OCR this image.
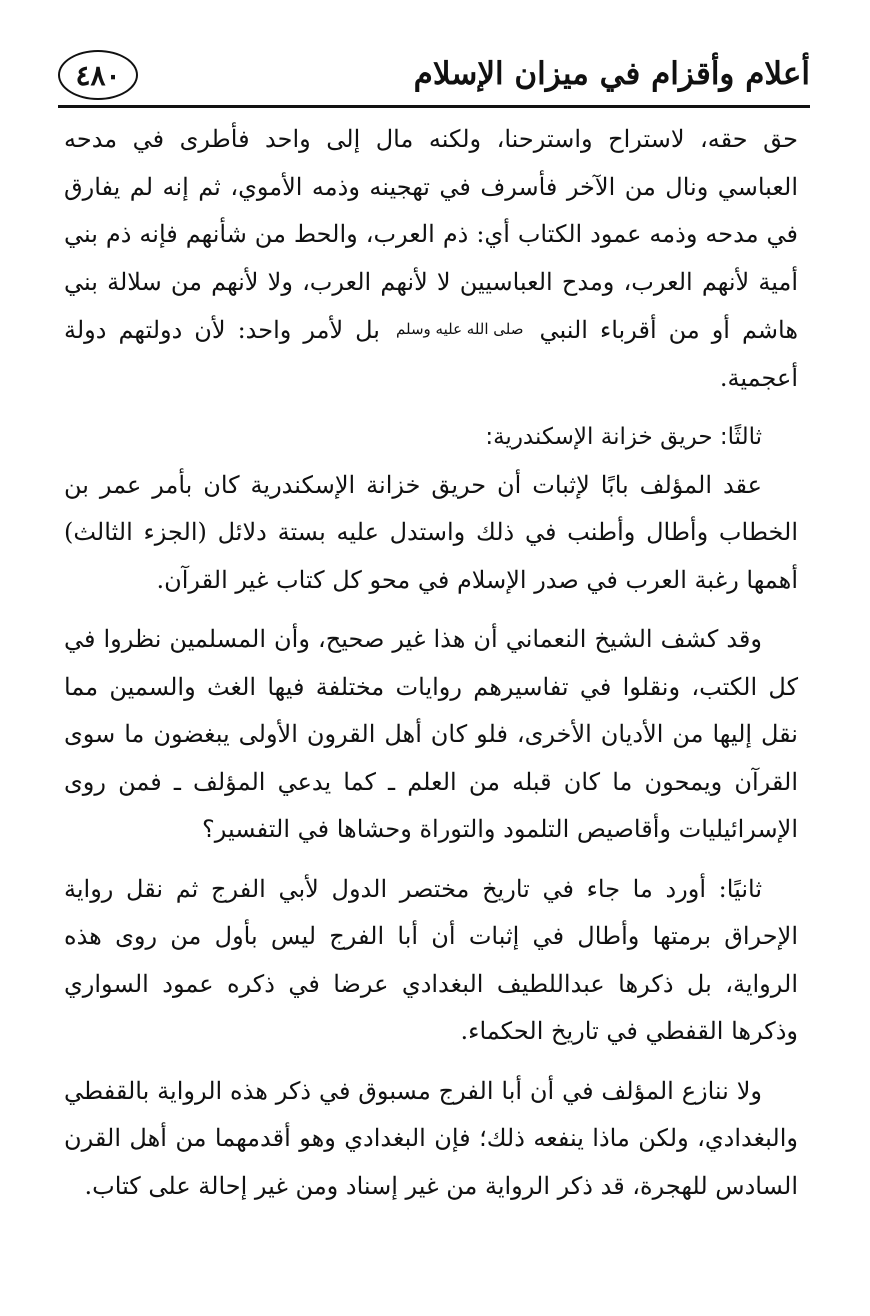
أعلام وأقزام في ميزان الإسلام
٤٨٠

حق حقه، لاستراح واسترحنا، ولكنه مال إلى واحد فأطرى في مدحه العباسي ونال من الآخر فأسرف في تهجينه وذمه الأموي، ثم إنه لم يفارق في مدحه وذمه عمود الكتاب أي: ذم العرب، والحط من شأنهم فإنه ذم بني أمية لأنهم العرب، ومدح العباسيين لا لأنهم العرب، ولا لأنهم من سلالة بني هاشم أو من أقرباء النبي صلى الله عليه وسلم بل لأمر واحد: لأن دولتهم دولة أعجمية.

ثالثًا: حريق خزانة الإسكندرية:

عقد المؤلف بابًا لإثبات أن حريق خزانة الإسكندرية كان بأمر عمر بن الخطاب وأطال وأطنب في ذلك واستدل عليه بستة دلائل (الجزء الثالث) أهمها رغبة العرب في صدر الإسلام في محو كل كتاب غير القرآن.

وقد كشف الشيخ النعماني أن هذا غير صحيح، وأن المسلمين نظروا في كل الكتب، ونقلوا في تفاسيرهم روايات مختلفة فيها الغث والسمين مما نقل إليها من الأديان الأخرى، فلو كان أهل القرون الأولى يبغضون ما سوى القرآن ويمحون ما كان قبله من العلم ـ كما يدعي المؤلف ـ فمن روى الإسرائيليات وأقاصيص التلمود والتوراة وحشاها في التفسير؟

ثانيًا: أورد ما جاء في تاريخ مختصر الدول لأبي الفرج ثم نقل رواية الإحراق برمتها وأطال في إثبات أن أبا الفرج ليس بأول من روى هذه الرواية، بل ذكرها عبداللطيف البغدادي عرضا في ذكره عمود السواري وذكرها القفطي في تاريخ الحكماء.

ولا ننازع المؤلف في أن أبا الفرج مسبوق في ذكر هذه الرواية بالقفطي والبغدادي، ولكن ماذا ينفعه ذلك؛ فإن البغدادي وهو أقدمهما من أهل القرن السادس للهجرة، قد ذكر الرواية من غير إسناد ومن غير إحالة على كتاب.
